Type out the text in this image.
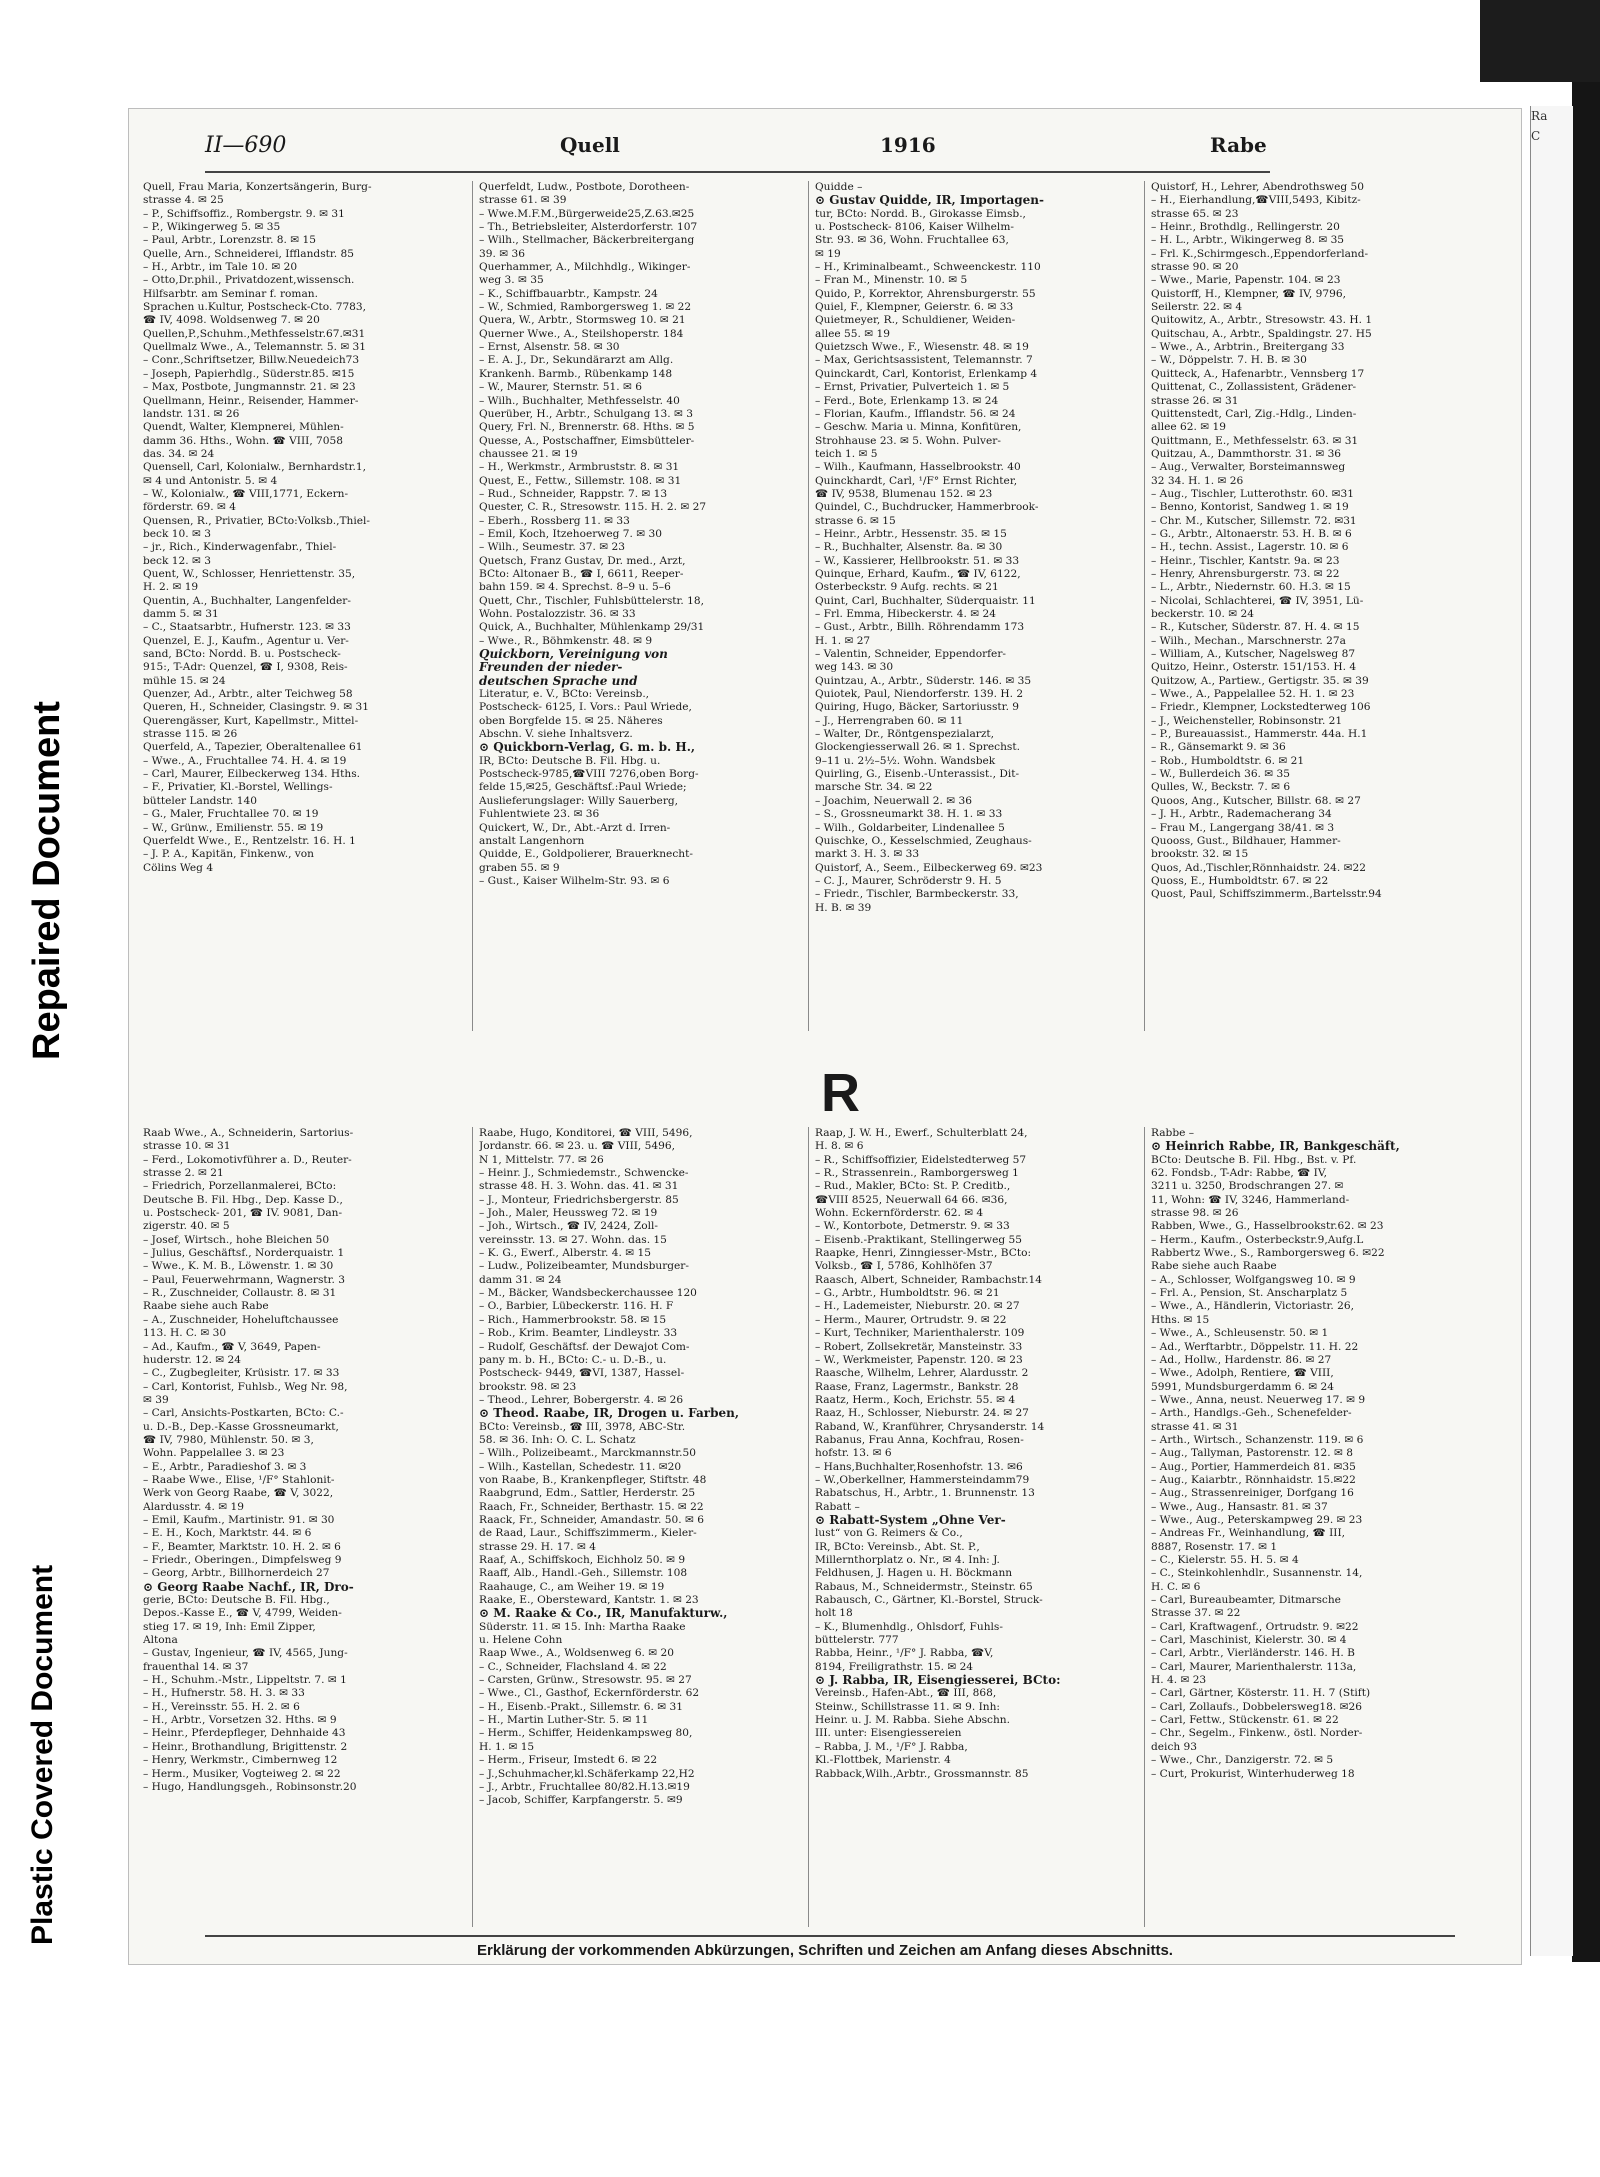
Ra
C
Repaired Document
Plastic Covered Document
II—690	Quell	1916	Rabe
Quell, Frau Maria, Konzertsängerin, Burg-
strasse 4. ✉ 25
– P., Schiffsoffiz., Rombergstr. 9. ✉ 31
– P., Wikingerweg 5. ✉ 35
– Paul, Arbtr., Lorenzstr. 8. ✉ 15
Quelle, Arn., Schneiderei, Ifflandstr. 85
– H., Arbtr., im Tale 10. ✉ 20
– Otto,Dr.phil., Privatdozent,wissensch.
Hilfsarbtr. am Seminar f. roman.
Sprachen u.Kultur, Postscheck-Cto. 7783,
☎ IV, 4098. Woldsenweg 7. ✉ 20
Quellen,P.,Schuhm.,Methfesselstr.67.✉31
Quellmalz Wwe., A., Telemannstr. 5. ✉ 31
– Conr.,Schriftsetzer, Billw.Neuedeich73
– Joseph, Papierhdlg., Süderstr.85. ✉15
– Max, Postbote, Jungmannstr. 21. ✉ 23
Quellmann, Heinr., Reisender, Hammer-
landstr. 131. ✉ 26
Quendt, Walter, Klempnerei, Mühlen-
damm 36. Hths., Wohn. ☎ VIII, 7058
das. 34. ✉ 24
Quensell, Carl, Kolonialw., Bernhardstr.1,
✉ 4 und Antonistr. 5. ✉ 4
– W., Kolonialw., ☎ VIII,1771, Eckern-
förderstr. 69. ✉ 4
Quensen, R., Privatier, BCto:Volksb.,Thiel-
beck 10. ✉ 3
– jr., Rich., Kinderwagenfabr., Thiel-
beck 12. ✉ 3
Quent, W., Schlosser, Henriettenstr. 35,
H. 2. ✉ 19
Quentin, A., Buchhalter, Langenfelder-
damm 5. ✉ 31
– C., Staatsarbtr., Hufnerstr. 123. ✉ 33
Quenzel, E. J., Kaufm., Agentur u. Ver-
sand, BCto: Nordd. B. u. Postscheck-
915:, T-Adr: Quenzel, ☎ I, 9308, Reis-
mühle 15. ✉ 24
Quenzer, Ad., Arbtr., alter Teichweg 58
Queren, H., Schneider, Clasingstr. 9. ✉ 31
Querengässer, Kurt, Kapellmstr., Mittel-
strasse 115. ✉ 26
Querfeld, A., Tapezier, Oberaltenallee 61
– Wwe., A., Fruchtallee 74. H. 4. ✉ 19
– Carl, Maurer, Eilbeckerweg 134. Hths.
– F., Privatier, Kl.-Borstel, Wellings-
bütteler Landstr. 140
– G., Maler, Fruchtallee 70. ✉ 19
– W., Grünw., Emilienstr. 55. ✉ 19
Querfeldt Wwe., E., Rentzelstr. 16. H. 1
– J. P. A., Kapitän, Finkenw., von
Cölins Weg 4
Querfeldt, Ludw., Postbote, Dorotheen-
strasse 61. ✉ 39
– Wwe.M.F.M.,Bürgerweide25,Z.63.✉25
– Th., Betriebsleiter, Alsterdorferstr. 107
– Wilh., Stellmacher, Bäckerbreitergang
39. ✉ 36
Querhammer, A., Milchhdlg., Wikinger-
weg 3. ✉ 35
– K., Schiffbauarbtr., Kampstr. 24
– W., Schmied, Ramborgersweg 1. ✉ 22
Quera, W., Arbtr., Stormsweg 10. ✉ 21
Querner Wwe., A., Steilshoperstr. 184
– Ernst, Alsenstr. 58. ✉ 30
– E. A. J., Dr., Sekundärarzt am Allg.
Krankenh. Barmb., Rübenkamp 148
– W., Maurer, Sternstr. 51. ✉ 6
– Wilh., Buchhalter, Methfesselstr. 40
Querüber, H., Arbtr., Schulgang 13. ✉ 3
Query, Frl. N., Brennerstr. 68. Hths. ✉ 5
Quesse, A., Postschaffner, Eimsbütteler-
chaussee 21. ✉ 19
– H., Werkmstr., Armbruststr. 8. ✉ 31
Quest, E., Fettw., Sillemstr. 108. ✉ 31
– Rud., Schneider, Rappstr. 7. ✉ 13
Quester, C. R., Stresowstr. 115. H. 2. ✉ 27
– Eberh., Rossberg 11. ✉ 33
– Emil, Koch, Itzehoerweg 7. ✉ 30
– Wilh., Seumestr. 37. ✉ 23
Quetsch, Franz Gustav, Dr. med., Arzt,
BCto: Altonaer B., ☎ I, 6611, Reeper-
bahn 159. ✉ 4. Sprechst. 8–9 u. 5–6
Quett, Chr., Tischler, Fuhlsbüttelerstr. 18,
Wohn. Postalozzistr. 36. ✉ 33
Quick, A., Buchhalter, Mühlenkamp 29/31
– Wwe., R., Böhmkenstr. 48. ✉ 9
Quickborn, Vereinigung von
Freunden der nieder-
deutschen Sprache und
Literatur, e. V., BCto: Vereinsb.,
Postscheck- 6125, I. Vors.: Paul Wriede,
oben Borgfelde 15. ✉ 25. Näheres
Abschn. V. siehe Inhaltsverz.
⊙ Quickborn-Verlag, G. m. b. H.,
IR, BCto: Deutsche B. Fil. Hbg. u.
Postscheck-9785,☎VIII 7276,oben Borg-
felde 15,✉25, Geschäftsf.:Paul Wriede;
Auslieferungslager: Willy Sauerberg,
Fuhlentwiete 23. ✉ 36
Quickert, W., Dr., Abt.-Arzt d. Irren-
anstalt Langenhorn
Quidde, E., Goldpolierer, Brauerknecht-
graben 55. ✉ 9
– Gust., Kaiser Wilhelm-Str. 93. ✉ 6
Quidde –
⊙ Gustav Quidde, IR, Importagen-
tur, BCto: Nordd. B., Girokasse Eimsb.,
u. Postscheck- 8106, Kaiser Wilhelm-
Str. 93. ✉ 36, Wohn. Fruchtallee 63,
✉ 19
– H., Kriminalbeamt., Schweenckestr. 110
– Fran M., Minenstr. 10. ✉ 5
Quido, P., Korrektor, Ahrensburgerstr. 55
Quiel, F., Klempner, Geierstr. 6. ✉ 33
Quietmeyer, R., Schuldiener, Weiden-
allee 55. ✉ 19
Quietzsch Wwe., F., Wiesenstr. 48. ✉ 19
– Max, Gerichtsassistent, Telemannstr. 7
Quinckardt, Carl, Kontorist, Erlenkamp 4
– Ernst, Privatier, Pulverteich 1. ✉ 5
– Ferd., Bote, Erlenkamp 13. ✉ 24
– Florian, Kaufm., Ifflandstr. 56. ✉ 24
– Geschw. Maria u. Minna, Konfitüren,
Strohhause 23. ✉ 5. Wohn. Pulver-
teich 1. ✉ 5
– Wilh., Kaufmann, Hasselbrookstr. 40
Quinckhardt, Carl, ¹/F° Ernst Richter,
☎ IV, 9538, Blumenau 152. ✉ 23
Quindel, C., Buchdrucker, Hammerbrook-
strasse 6. ✉ 15
– Heinr., Arbtr., Hessenstr. 35. ✉ 15
– R., Buchhalter, Alsenstr. 8a. ✉ 30
– W., Kassierer, Hellbrookstr. 51. ✉ 33
Quinque, Erhard, Kaufm., ☎ IV, 6122,
Osterbeckstr. 9 Aufg. rechts. ✉ 21
Quint, Carl, Buchhalter, Süderquaistr. 11
– Frl. Emma, Hibeckerstr. 4. ✉ 24
– Gust., Arbtr., Billh. Röhrendamm 173
H. 1. ✉ 27
– Valentin, Schneider, Eppendorfer-
weg 143. ✉ 30
Quintzau, A., Arbtr., Süderstr. 146. ✉ 35
Quiotek, Paul, Niendorferstr. 139. H. 2
Quiring, Hugo, Bäcker, Sartoriusstr. 9
– J., Herrengraben 60. ✉ 11
– Walter, Dr., Röntgenspezialarzt,
Glockengiesserwall 26. ✉ 1. Sprechst.
9–11 u. 2½–5½. Wohn. Wandsbek
Quirling, G., Eisenb.-Unterassist., Dit-
marsche Str. 34. ✉ 22
– Joachim, Neuerwall 2. ✉ 36
– S., Grossneumarkt 38. H. 1. ✉ 33
– Wilh., Goldarbeiter, Lindenallee 5
Quischke, O., Kesselschmied, Zeughaus-
markt 3. H. 3. ✉ 33
Quistorf, A., Seem., Eilbeckerweg 69. ✉23
– C. J., Maurer, Schröderstr 9. H. 5
– Friedr., Tischler, Barmbeckerstr. 33,
H. B. ✉ 39
Quistorf, H., Lehrer, Abendrothsweg 50
– H., Eierhandlung,☎VIII,5493, Kibitz-
strasse 65. ✉ 23
– Heinr., Brothdlg., Rellingerstr. 20
– H. L., Arbtr., Wikingerweg 8. ✉ 35
– Frl. K.,Schirmgesch.,Eppendorferland-
strasse 90. ✉ 20
– Wwe., Marie, Papenstr. 104. ✉ 23
Quistorff, H., Klempner, ☎ IV, 9796,
Seilerstr. 22. ✉ 4
Quitowitz, A., Arbtr., Stresowstr. 43. H. 1
Quitschau, A., Arbtr., Spaldingstr. 27. H5
– Wwe., A., Arbtrin., Breitergang 33
– W., Döppelstr. 7. H. B. ✉ 30
Quitteck, A., Hafenarbtr., Vennsberg 17
Quittenat, C., Zollassistent, Grädener-
strasse 26. ✉ 31
Quittenstedt, Carl, Zig.-Hdlg., Linden-
allee 62. ✉ 19
Quittmann, E., Methfesselstr. 63. ✉ 31
Quitzau, A., Dammthorstr. 31. ✉ 36
– Aug., Verwalter, Borsteimannsweg
32 34. H. 1. ✉ 26
– Aug., Tischler, Lutterothstr. 60. ✉31
– Benno, Kontorist, Sandweg 1. ✉ 19
– Chr. M., Kutscher, Sillemstr. 72. ✉31
– G., Arbtr., Altonaerstr. 53. H. B. ✉ 6
– H., techn. Assist., Lagerstr. 10. ✉ 6
– Heinr., Tischler, Kantstr. 9a. ✉ 23
– Henry, Ahrensburgerstr. 73. ✉ 22
– L., Arbtr., Niedernstr. 60. H.3. ✉ 15
– Nicolai, Schlachterei, ☎ IV, 3951, Lü-
beckerstr. 10. ✉ 24
– R., Kutscher, Süderstr. 87. H. 4. ✉ 15
– Wilh., Mechan., Marschnerstr. 27a
– William, A., Kutscher, Nagelsweg 87
Quitzo, Heinr., Osterstr. 151/153. H. 4
Quitzow, A., Partiew., Gertigstr. 35. ✉ 39
– Wwe., A., Pappelallee 52. H. 1. ✉ 23
– Friedr., Klempner, Lockstedterweg 106
– J., Weichensteller, Robinsonstr. 21
– P., Bureauassist., Hammerstr. 44a. H.1
– R., Gänsemarkt 9. ✉ 36
– Rob., Humboldtstr. 6. ✉ 21
– W., Bullerdeich 36. ✉ 35
Qulles, W., Beckstr. 7. ✉ 6
Quoos, Ang., Kutscher, Billstr. 68. ✉ 27
– J. H., Arbtr., Rademacherang 34
– Frau M., Langergang 38/41. ✉ 3
Quooss, Gust., Bildhauer, Hammer-
brookstr. 32. ✉ 15
Quos, Ad.,Tischler,Rönnhaidstr. 24. ✉22
Quoss, E., Humboldtstr. 67. ✉ 22
Quost, Paul, Schiffszimmerm.,Bartelsstr.94
R
Raab Wwe., A., Schneiderin, Sartorius-
strasse 10. ✉ 31
– Ferd., Lokomotivführer a. D., Reuter-
strasse 2. ✉ 21
– Friedrich, Porzellanmalerei, BCto:
Deutsche B. Fil. Hbg., Dep. Kasse D.,
u. Postscheck- 201, ☎ IV. 9081, Dan-
zigerstr. 40. ✉ 5
– Josef, Wirtsch., hohe Bleichen 50
– Julius, Geschäftsf., Norderquaistr. 1
– Wwe., K. M. B., Löwenstr. 1. ✉ 30
– Paul, Feuerwehrmann, Wagnerstr. 3
– R., Zuschneider, Collaustr. 8. ✉ 31
Raabe siehe auch Rabe
– A., Zuschneider, Hoheluftchaussee
113. H. C. ✉ 30
– Ad., Kaufm., ☎ V, 3649, Papen-
huderstr. 12. ✉ 24
– C., Zugbegleiter, Krüsistr. 17. ✉ 33
– Carl, Kontorist, Fuhlsb., Weg Nr. 98,
✉ 39
– Carl, Ansichts-Postkarten, BCto: C.-
u. D.-B., Dep.-Kasse Grossneumarkt,
☎ IV, 7980, Mühlenstr. 50. ✉ 3,
Wohn. Pappelallee 3. ✉ 23
– E., Arbtr., Paradieshof 3. ✉ 3
– Raabe Wwe., Elise, ¹/F° Stahlonit-
Werk von Georg Raabe, ☎ V, 3022,
Alardusstr. 4. ✉ 19
– Emil, Kaufm., Martinistr. 91. ✉ 30
– E. H., Koch, Marktstr. 44. ✉ 6
– F., Beamter, Marktstr. 10. H. 2. ✉ 6
– Friedr., Oberingen., Dimpfelsweg 9
– Georg, Arbtr., Billhornerdeich 27
⊙ Georg Raabe Nachf., IR, Dro-
gerie, BCto: Deutsche B. Fil. Hbg.,
Depos.-Kasse E., ☎ V, 4799, Weiden-
stieg 17. ✉ 19, Inh: Emil Zipper,
Altona
– Gustav, Ingenieur, ☎ IV, 4565, Jung-
frauenthal 14. ✉ 37
– H., Schuhm.-Mstr., Lippeltstr. 7. ✉ 1
– H., Hufnerstr. 58. H. 3. ✉ 33
– H., Vereinsstr. 55. H. 2. ✉ 6
– H., Arbtr., Vorsetzen 32. Hths. ✉ 9
– Heinr., Pferdepfleger, Dehnhaide 43
– Heinr., Brothandlung, Brigittenstr. 2
– Henry, Werkmstr., Cimbernweg 12
– Herm., Musiker, Vogteiweg 2. ✉ 22
– Hugo, Handlungsgeh., Robinsonstr.20
Raabe, Hugo, Konditorei, ☎ VIII, 5496,
Jordanstr. 66. ✉ 23. u. ☎ VIII, 5496,
N 1, Mittelstr. 77. ✉ 26
– Heinr. J., Schmiedemstr., Schwencke-
strasse 48. H. 3. Wohn. das. 41. ✉ 31
– J., Monteur, Friedrichsbergerstr. 85
– Joh., Maler, Heussweg 72. ✉ 19
– Joh., Wirtsch., ☎ IV, 2424, Zoll-
vereinsstr. 13. ✉ 27. Wohn. das. 15
– K. G., Ewerf., Alberstr. 4. ✉ 15
– Ludw., Polizeibeamter, Mundsburger-
damm 31. ✉ 24
– M., Bäcker, Wandsbeckerchaussee 120
– O., Barbier, Lübeckerstr. 116. H. F
– Rich., Hammerbrookstr. 58. ✉ 15
– Rob., Krim. Beamter, Lindleystr. 33
– Rudolf, Geschäftsf. der Dewajot Com-
pany m. b. H., BCto: C.- u. D.-B., u.
Postscheck- 9449, ☎VI, 1387, Hassel-
brookstr. 98. ✉ 23
– Theod., Lehrer, Bobergerstr. 4. ✉ 26
⊙ Theod. Raabe, IR, Drogen u. Farben,
BCto: Vereinsb., ☎ III, 3978, ABC-Str.
58. ✉ 36. Inh: O. C. L. Schatz
– Wilh., Polizeibeamt., Marckmannstr.50
– Wilh., Kastellan, Schedestr. 11. ✉20
von Raabe, B., Krankenpfleger, Stiftstr. 48
Raabgrund, Edm., Sattler, Herderstr. 25
Raach, Fr., Schneider, Berthastr. 15. ✉ 22
Raack, Fr., Schneider, Amandastr. 50. ✉ 6
de Raad, Laur., Schiffszimmerm., Kieler-
strasse 29. H. 17. ✉ 4
Raaf, A., Schiffskoch, Eichholz 50. ✉ 9
Raaff, Alb., Handl.-Geh., Sillemstr. 108
Raahauge, C., am Weiher 19. ✉ 19
Raake, E., Obersteward, Kantstr. 1. ✉ 23
⊙ M. Raake & Co., IR, Manufakturw.,
Süderstr. 11. ✉ 15. Inh: Martha Raake
u. Helene Cohn
Raap Wwe., A., Woldsenweg 6. ✉ 20
– C., Schneider, Flachsland 4. ✉ 22
– Carsten, Grünw., Stresowstr. 95. ✉ 27
– Wwe., Cl., Gasthof, Eckernförderstr. 62
– H., Eisenb.-Prakt., Sillemstr. 6. ✉ 31
– H., Martin Luther-Str. 5. ✉ 11
– Herm., Schiffer, Heidenkampsweg 80,
H. 1. ✉ 15
– Herm., Friseur, Imstedt 6. ✉ 22
– J.,Schuhmacher,kl.Schäferkamp 22,H2
– J., Arbtr., Fruchtallee 80/82.H.13.✉19
– Jacob, Schiffer, Karpfangerstr. 5. ✉9
Raap, J. W. H., Ewerf., Schulterblatt 24,
H. 8. ✉ 6
– R., Schiffsoffizier, Eidelstedterweg 57
– R., Strassenrein., Ramborgersweg 1
– Rud., Makler, BCto: St. P. Creditb.,
☎VIII 8525, Neuerwall 64 66. ✉36,
Wohn. Eckernförderstr. 62. ✉ 4
– W., Kontorbote, Detmerstr. 9. ✉ 33
– Eisenb.-Praktikant, Stellingerweg 55
Raapke, Henri, Zinngiesser-Mstr., BCto:
Volksb., ☎ I, 5786, Kohlhöfen 37
Raasch, Albert, Schneider, Rambachstr.14
– G., Arbtr., Humboldtstr. 96. ✉ 21
– H., Lademeister, Nieburstr. 20. ✉ 27
– Herm., Maurer, Ortrudstr. 9. ✉ 22
– Kurt, Techniker, Marienthalerstr. 109
– Robert, Zollsekretär, Mansteinstr. 33
– W., Werkmeister, Papenstr. 120. ✉ 23
Raasche, Wilhelm, Lehrer, Alardusstr. 2
Raase, Franz, Lagermstr., Bankstr. 28
Raatz, Herm., Koch, Erichstr. 55. ✉ 4
Raaz, H., Schlosser, Nieburstr. 24. ✉ 27
Raband, W., Kranführer, Chrysanderstr. 14
Rabanus, Frau Anna, Kochfrau, Rosen-
hofstr. 13. ✉ 6
– Hans,Buchhalter,Rosenhofstr. 13. ✉6
– W.,Oberkellner, Hammersteindamm79
Rabatschus, H., Arbtr., 1. Brunnenstr. 13
Rabatt –
⊙ Rabatt-System „Ohne Ver-
lust“ von G. Reimers & Co.,
IR, BCto: Vereinsb., Abt. St. P.,
Millernthorplatz o. Nr., ✉ 4. Inh: J.
Feldhusen, J. Hagen u. H. Böckmann
Rabaus, M., Schneidermstr., Steinstr. 65
Rabausch, C., Gärtner, Kl.-Borstel, Struck-
holt 18
– K., Blumenhdlg., Ohlsdorf, Fuhls-
büttelerstr. 777
Rabba, Heinr., ¹/F° J. Rabba, ☎V,
8194, Freiligrathstr. 15. ✉ 24
⊙ J. Rabba, IR, Eisengiesserei, BCto:
Vereinsb., Hafen-Abt., ☎ III, 868,
Steinw., Schillstrasse 11. ✉ 9. Inh:
Heinr. u. J. M. Rabba. Siehe Abschn.
III. unter: Eisengiessereien
– Rabba, J. M., ¹/F° J. Rabba,
Kl.-Flottbek, Marienstr. 4
Rabback,Wilh.,Arbtr., Grossmannstr. 85
Rabbe –
⊙ Heinrich Rabbe, IR, Bankgeschäft,
BCto: Deutsche B. Fil. Hbg., Bst. v. Pf.
62. Fondsb., T-Adr: Rabbe, ☎ IV,
3211 u. 3250, Brodschrangen 27. ✉
11, Wohn: ☎ IV, 3246, Hammerland-
strasse 98. ✉ 26
Rabben, Wwe., G., Hasselbrookstr.62. ✉ 23
– Herm., Kaufm., Osterbeckstr.9,Aufg.L
Rabbertz Wwe., S., Ramborgersweg 6. ✉22
Rabe siehe auch Raabe
– A., Schlosser, Wolfgangsweg 10. ✉ 9
– Frl. A., Pension, St. Anscharplatz 5
– Wwe., A., Händlerin, Victoriastr. 26,
Hths. ✉ 15
– Wwe., A., Schleusenstr. 50. ✉ 1
– Ad., Werftarbtr., Döppelstr. 11. H. 22
– Ad., Hollw., Hardenstr. 86. ✉ 27
– Wwe., Adolph, Rentiere, ☎ VIII,
5991, Mundsburgerdamm 6. ✉ 24
– Wwe., Anna, neust. Neuerweg 17. ✉ 9
– Arth., Handlgs.-Geh., Schenefelder-
strasse 41. ✉ 31
– Arth., Wirtsch., Schanzenstr. 119. ✉ 6
– Aug., Tallyman, Pastorenstr. 12. ✉ 8
– Aug., Portier, Hammerdeich 81. ✉35
– Aug., Kaiarbtr., Rönnhaidstr. 15.✉22
– Aug., Strassenreiniger, Dorfgang 16
– Wwe., Aug., Hansastr. 81. ✉ 37
– Wwe., Aug., Peterskampweg 29. ✉ 23
– Andreas Fr., Weinhandlung, ☎ III,
8887, Rosenstr. 17. ✉ 1
– C., Kielerstr. 55. H. 5. ✉ 4
– C., Steinkohlenhdlr., Susannenstr. 14,
H. C. ✉ 6
– Carl, Bureaubeamter, Ditmarsche
Strasse 37. ✉ 22
– Carl, Kraftwagenf., Ortrudstr. 9. ✉22
– Carl, Maschinist, Kielerstr. 30. ✉ 4
– Carl, Arbtr., Vierländerstr. 146. H. B
– Carl, Maurer, Marienthalerstr. 113a,
H. 4. ✉ 23
– Carl, Gärtner, Kösterstr. 11. H. 7 (Stift)
– Carl, Zollaufs., Dobbelersweg18. ✉26
– Carl, Fettw., Stückenstr. 61. ✉ 22
– Chr., Segelm., Finkenw., östl. Norder-
deich 93
– Wwe., Chr., Danzigerstr. 72. ✉ 5
– Curt, Prokurist, Winterhuderweg 18
Erklärung der vorkommenden Abkürzungen, Schriften und Zeichen am Anfang dieses Abschnitts.
